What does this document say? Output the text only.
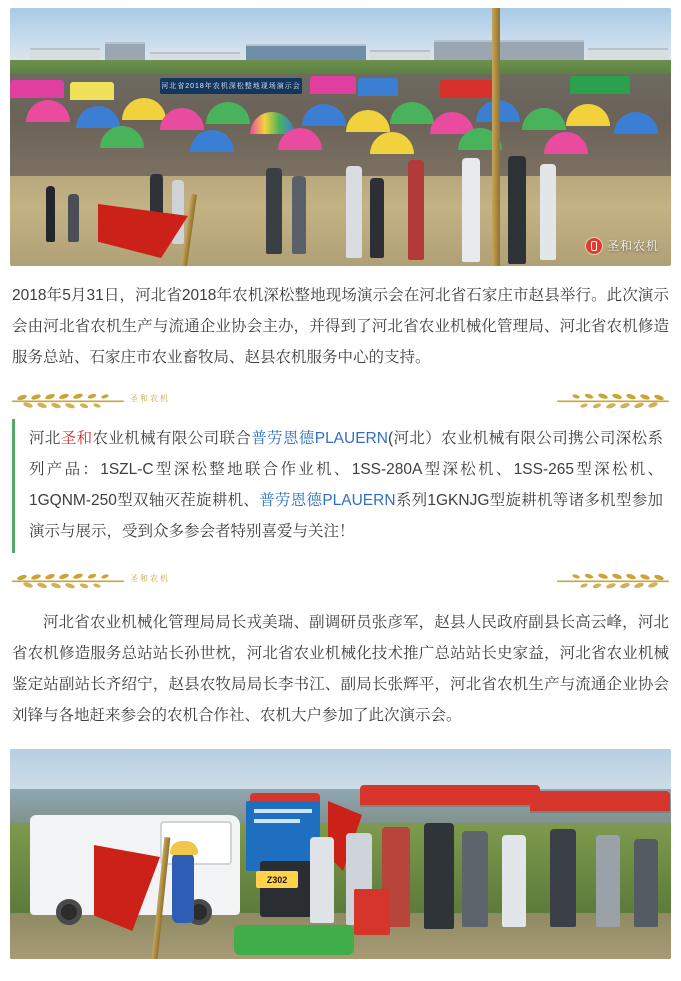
河北省2018年农机深松整地现场演示会
圣和农机

2018年5月31日，河北省2018年农机深松整地现场演示会在河北省石家庄市赵县举行。此次演示会由河北省农机生产与流通企业协会主办，并得到了河北省农业机械化管理局、河北省农机修造服务总站、石家庄市农业畜牧局、赵县农机服务中心的支持。

圣和农机
河北圣和农业机械有限公司联合普劳恩德PLAUERN(河北）农业机械有限公司携公司深松系列产品：1SZL-C型深松整地联合作业机、1SS-280A型深松机、1SS-265型深松机、 1GQNM-250型双轴灭茬旋耕机、普劳恩德PLAUERN系列1GKNJG型旋耕机等诸多机型参加演示与展示，受到众多参会者特别喜爱与关注！
圣和农机

河北省农业机械化管理局局长戎美瑞、副调研员张彦军，赵县人民政府副县长高云峰，河北省农机修造服务总站站长孙世枕，河北省农业机械化技术推广总站站长史家益，河北省农业机械鉴定站副站长齐绍宁，赵县农牧局局长李书江、副局长张辉平，河北省农机生产与流通企业协会刘锋与各地赶来参会的农机合作社、农机大户参加了此次演示会。

Z302
